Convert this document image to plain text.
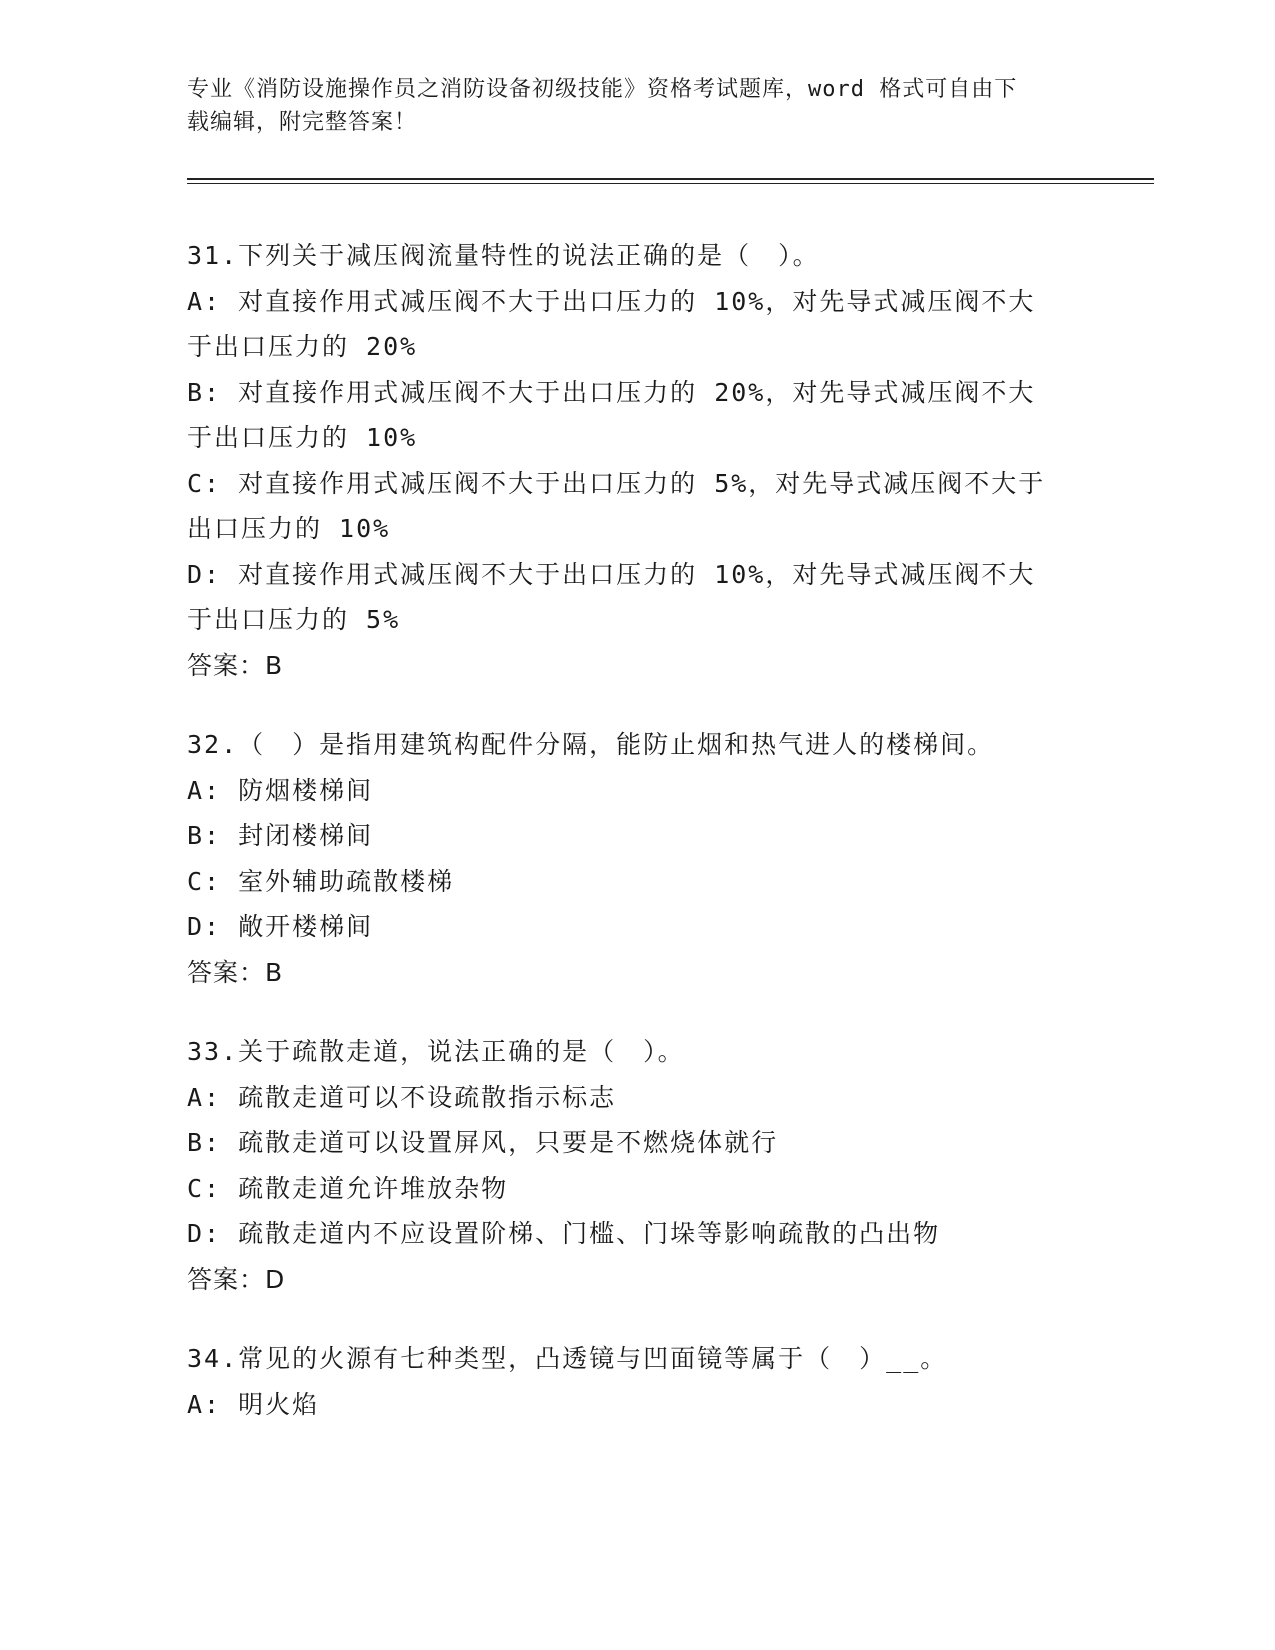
专业《消防设施操作员之消防设备初级技能》资格考试题库，word 格式可自由下
载编辑，附完整答案！
31.下列关于减压阀流量特性的说法正确的是（　）。
A: 对直接作用式减压阀不大于出口压力的 10%，对先导式减压阀不大
于出口压力的 20%
B: 对直接作用式减压阀不大于出口压力的 20%，对先导式减压阀不大
于出口压力的 10%
C: 对直接作用式减压阀不大于出口压力的 5%，对先导式减压阀不大于
出口压力的 10%
D: 对直接作用式减压阀不大于出口压力的 10%，对先导式减压阀不大
于出口压力的 5%
答案：B
32.（　）是指用建筑构配件分隔，能防止烟和热气进人的楼梯间。
A: 防烟楼梯间
B: 封闭楼梯间
C: 室外辅助疏散楼梯
D: 敞开楼梯间
答案：B
33.关于疏散走道，说法正确的是（　）。
A: 疏散走道可以不设疏散指示标志
B: 疏散走道可以设置屏风，只要是不燃烧体就行
C: 疏散走道允许堆放杂物
D: 疏散走道内不应设置阶梯、门槛、门垛等影响疏散的凸出物
答案：D
34.常见的火源有七种类型，凸透镜与凹面镜等属于（　）__。
A: 明火焰
